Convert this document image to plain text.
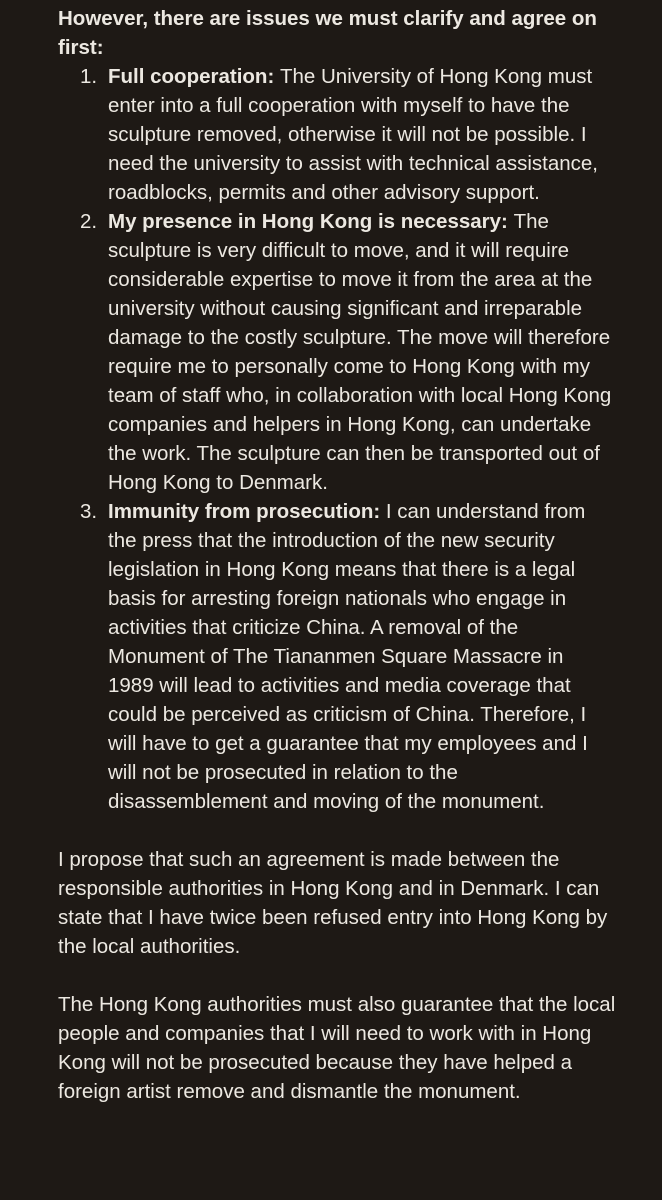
However, there are issues we must clarify and agree on first:

1. Full cooperation: The University of Hong Kong must enter into a full cooperation with myself to have the sculpture removed, otherwise it will not be possible. I need the university to assist with technical assistance, roadblocks, permits and other advisory support.
2. My presence in Hong Kong is necessary: The sculpture is very difficult to move, and it will require considerable expertise to move it from the area at the university without causing significant and irreparable damage to the costly sculpture. The move will therefore require me to personally come to Hong Kong with my team of staff who, in collaboration with local Hong Kong companies and helpers in Hong Kong, can undertake the work. The sculpture can then be transported out of Hong Kong to Denmark.
3. Immunity from prosecution: I can understand from the press that the introduction of the new security legislation in Hong Kong means that there is a legal basis for arresting foreign nationals who engage in activities that criticize China. A removal of the Monument of The Tiananmen Square Massacre in 1989 will lead to activities and media coverage that could be perceived as criticism of China. Therefore, I will have to get a guarantee that my employees and I will not be prosecuted in relation to the disassemblement and moving of the monument.

I propose that such an agreement is made between the responsible authorities in Hong Kong and in Denmark. I can state that I have twice been refused entry into Hong Kong by the local authorities.

The Hong Kong authorities must also guarantee that the local people and companies that I will need to work with in Hong Kong will not be prosecuted because they have helped a foreign artist remove and dismantle the monument.
